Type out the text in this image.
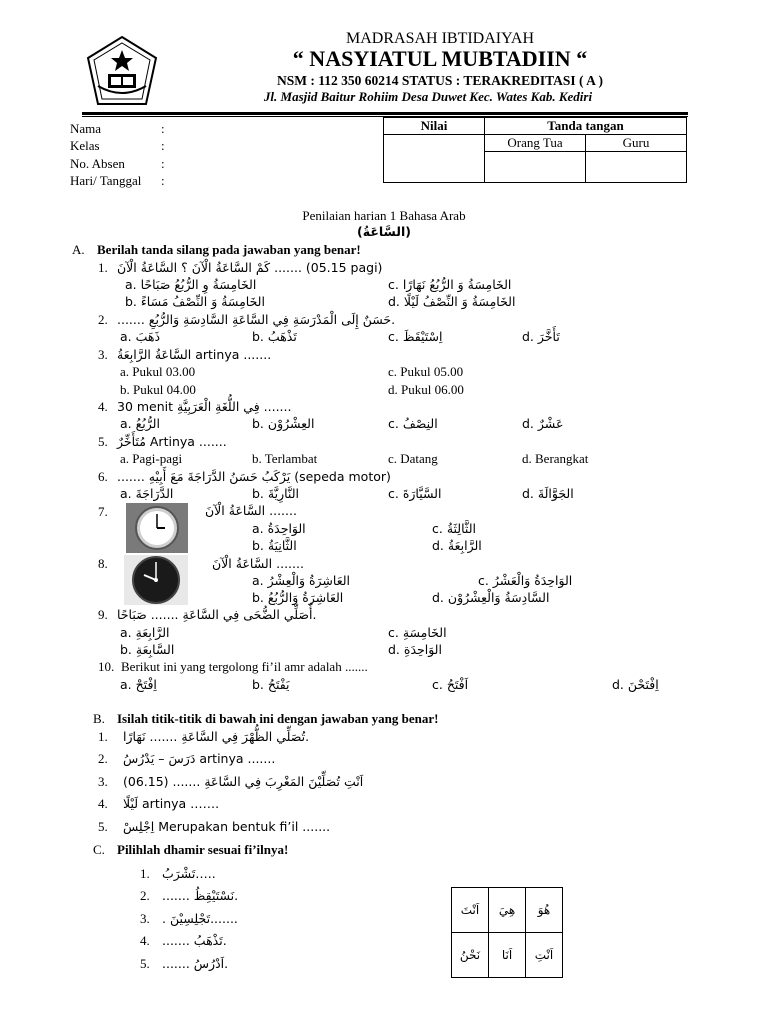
MADRASAH IBTIDAIYAH
“ NASYIATUL MUBTADIIN “
NSM : 112 350 60214 STATUS : TERAKREDITASI ( A )
Jl. Masjid Baitur Rohiim Desa Duwet Kec. Wates Kab. Kediri
Nama	:
Kelas	:
No. Absen	:
Hari/ Tanggal :
Nilai	Tanda tangan	
	Orang Tua	Guru

Penilaian harian 1 Bahasa Arab
(السَّاعَةُ)
A. Berilah tanda silang pada jawaban yang benar!
1. كَمْ السَّاعَةُ الْآنَ ؟ السَّاعَةُ الْآنَ ....... (05.15 pagi)
a. الخَامِسَةُ وِ الرُّبُعُ صَبَاحًا
b. الخَامِسَةُ وَ النِّصْفُ مَسَاءً
c. الخَامِسَةُ وَ الرُّبُعُ نَهَارًا
d. الخَامِسَةُ وَ النِّصْفُ لَيْلًا
2. ....... حَسَنٌ إِلَى الْمَدْرَسَةِ فِي السَّاعَةِ السَّادِسَةِ وَالرُّبُعِ.
a. ذَهَبَ	b. تَذْهَبُ	c. اِسْتَيْقَظَ	d. تَأَخَّرَ
3. السَّاعَةُ الرَّابِعَةُ artinya .......
a. Pukul 03.00
b. Pukul 04.00
c. Pukul 05.00
d. Pukul 06.00
4. 30 menit فِي اللُّغَةِ الْعَرَبِيَّةِ .......
a. الرُّبُعُ	b. العِشْرُوْن	c. النِصْفُ	d. عَشْرٌ
5. مُتَأَخِّرٌ Artinya .......
a. Pagi-pagi	b. Terlambat	c. Datang	d. Berangkat
6. ....... يَرْكَبُ حَسَنُ الدَّرَاجَةَ مَعَ أَبِيْهِ (sepeda motor)
a. الدَّرَاجَةَ	b. النَّارِيَّةَ	c. السَّيَّارَةَ	d. الجَوَّالَةَ
7.	السَّاعَةُ الْآنَ .......
a. الوَاحِدَةُ
b. الثَّانِيَةُ
c. الثَّالِثَةُ
d. الرَّابِعَةُ
8.	السَّاعَةُ الْآنَ .......
a. العَاشِرَةُ وَالْعِشْرُ
b. العَاشِرَةُ وَالرُّبُعُ
c. الوَاحِدَةُ وَالْعَشْرُ
d. السَّادِسَةُ وَالْعِشْرُوْن
9. أُصَلِّي الضُّحَى فِي السَّاعَةِ ....... صَبَاحًا.
a. الرَّابِعَةِ
b. السَّابِعَةِ
c. الخَامِسَةِ
d. الوَاحِدَةِ
10. Berikut ini yang tergolong fi’il amr adalah .......
a. اِفْتَحْ	b. يَفْتَحُ	c. اَفْتَحُ	d. اِفْتَحْنَ
B. Isilah titik-titik di bawah ini dengan jawaban yang benar!
1. تُصَلِّي الظُّهْرَ فِي السَّاعَةِ ....... نَهَارًا.
2. دَرَسَ – يَدْرُسُ artinya .......
3. (06.15) ....... اَنْتِ تُصَلِّيْنَ المَغْرِبَ فِي السَّاعَةِ
4. لَيْلًا artinya …….
5. اِجْلِسْ Merupakan bentuk fi’il .......
C. Pilihlah dhamir sesuai fi’ilnya!
1. تَشْرَبُ…..
2. ....... نَسْتَيْقِظُ.
3. . تَجْلِسِيْنَ.......
4. ....... تَذْهَبُ.
5. ....... اَدْرُسُ.
اَنْتَ	هِيَ	هُوَ
نَحْنُ	اَنَا	اَنْتِ
